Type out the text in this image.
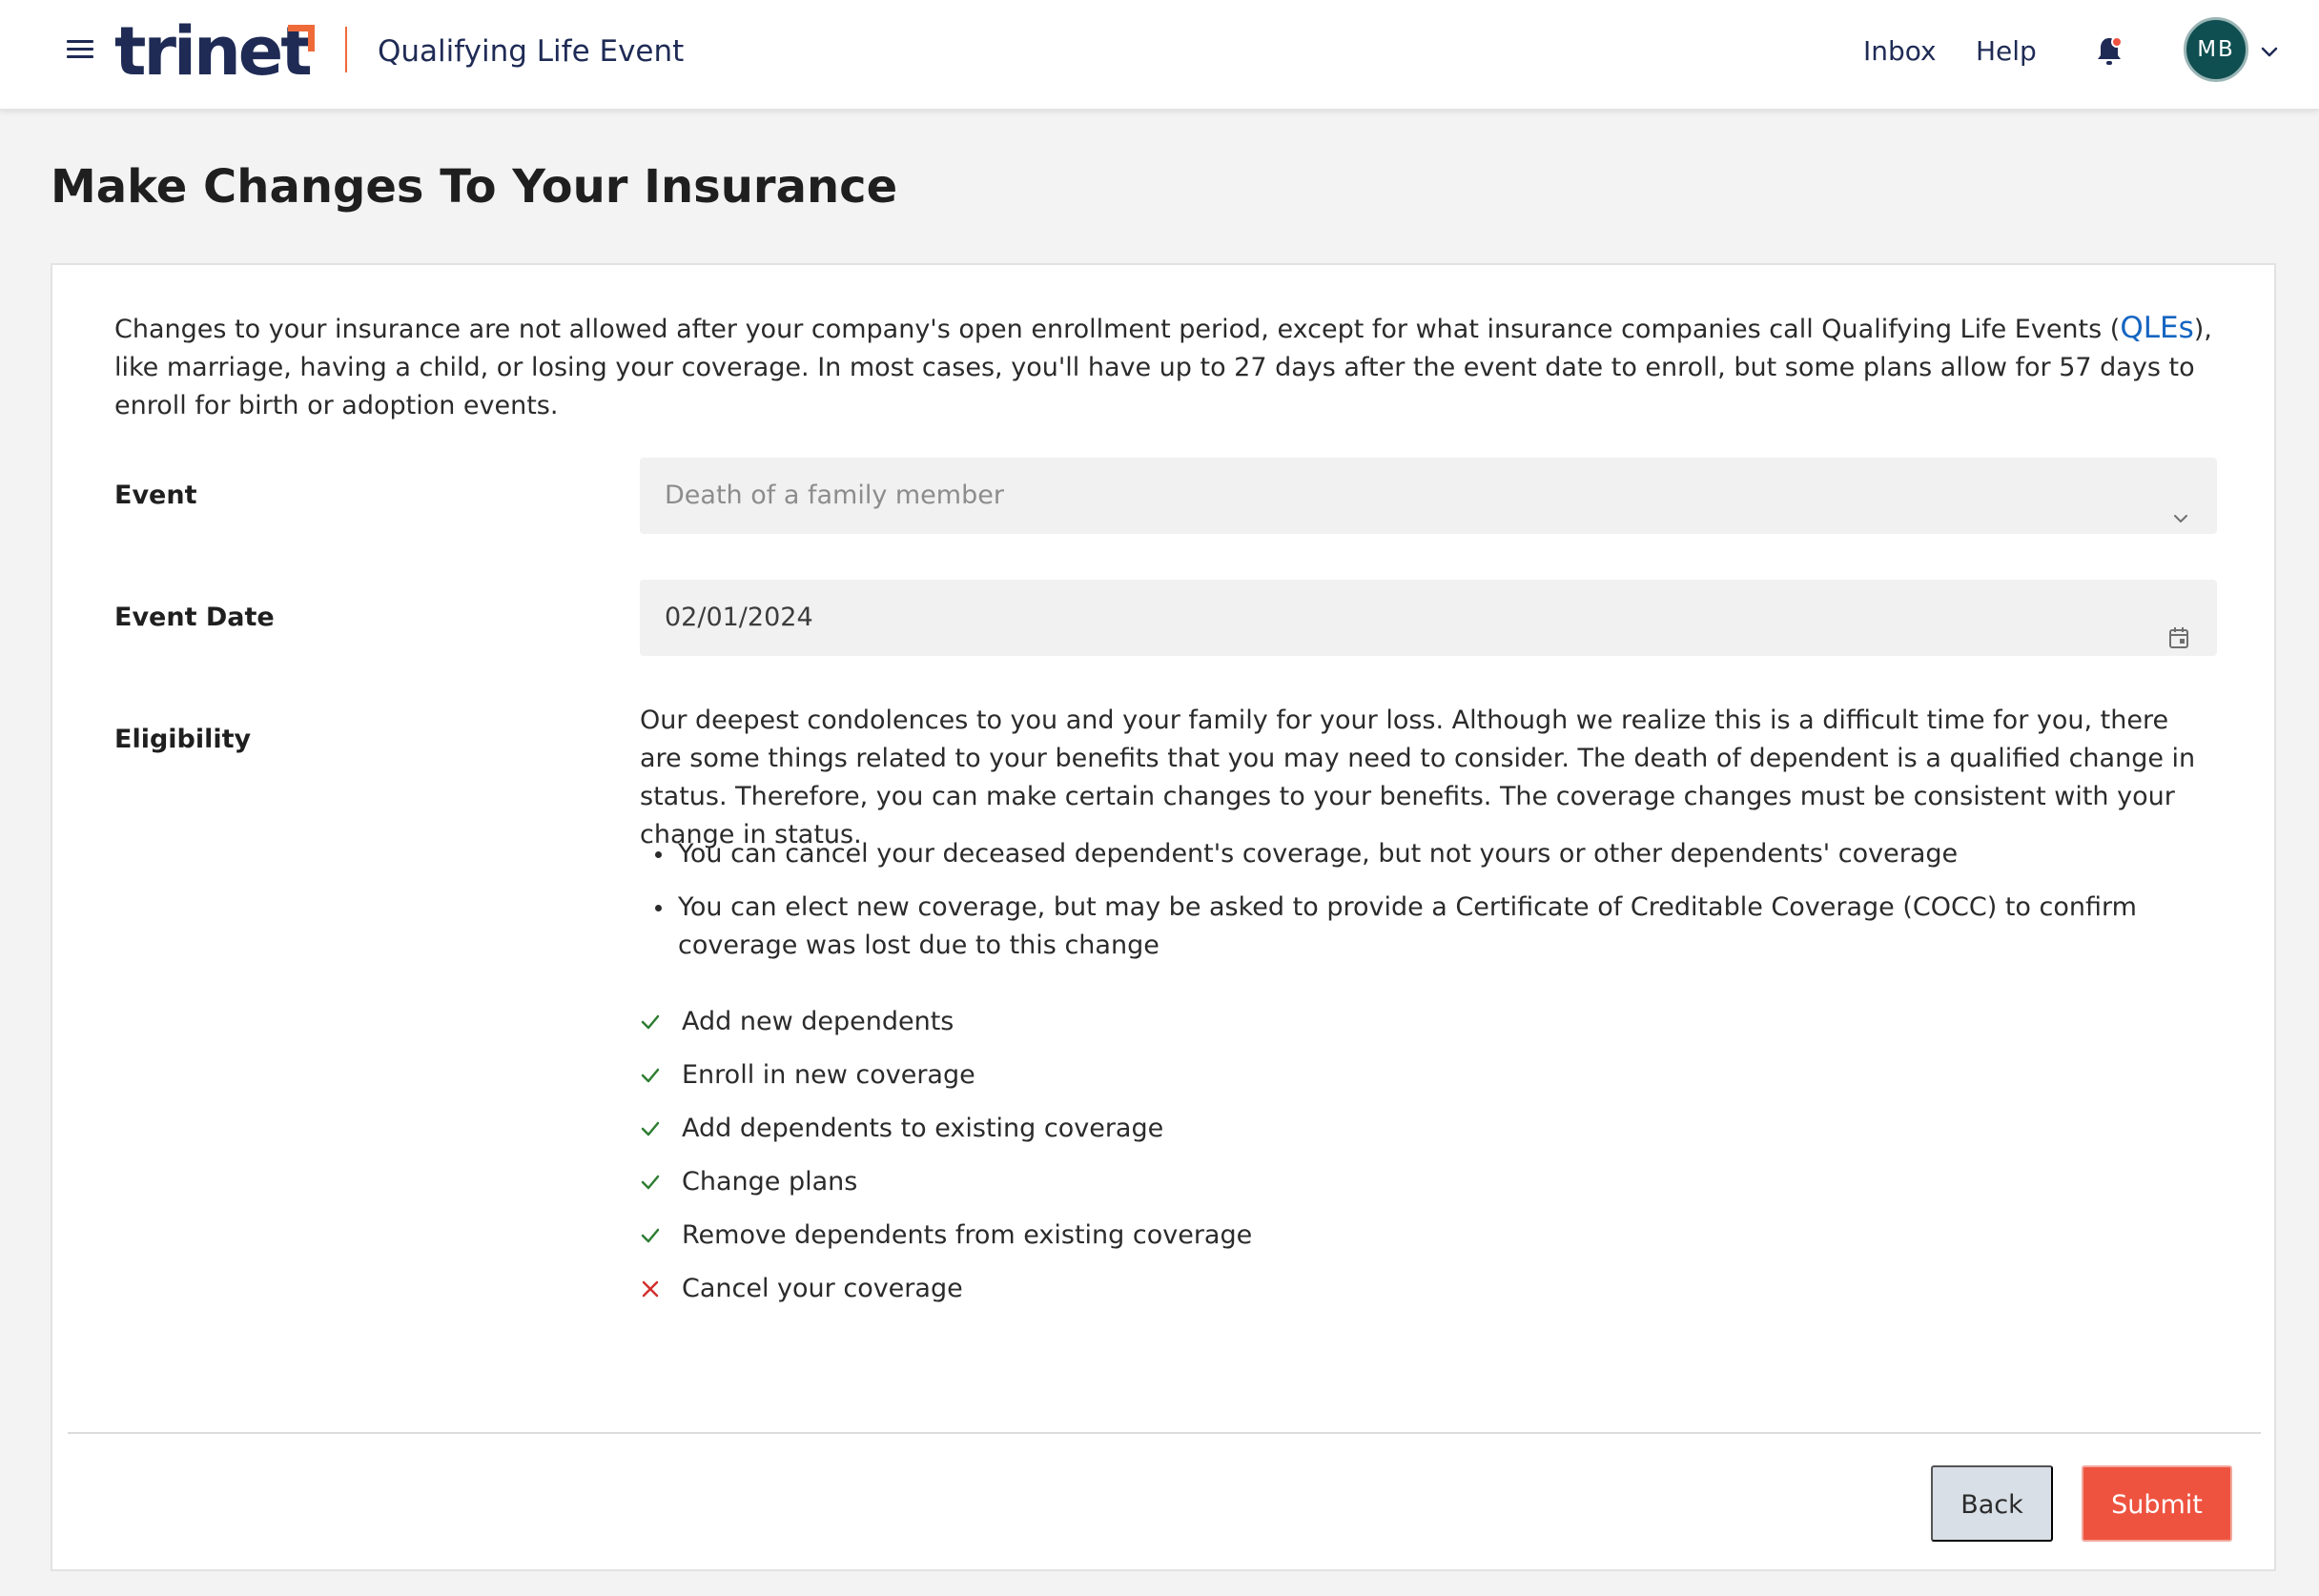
trinet Qualifying Life Event	Inbox Help	MB
Make Changes To Your Insurance

Changes to your insurance are not allowed after your company's open enrollment period, except for what insurance companies call Qualifying Life Events (QLEs), like marriage, having a child, or losing your coverage. In most cases, you'll have up to 27 days after the event date to enroll, but some plans allow for 57 days to enroll for birth or adoption events.

Event	Death of a family member
Event Date	02/01/2024
Eligibility

Our deepest condolences to you and your family for your loss. Although we realize this is a difficult time for you, there are some things related to your benefits that you may need to consider. The death of dependent is a qualified change in status. Therefore, you can make certain changes to your benefits. The coverage changes must be consistent with your change in status.

You can cancel your deceased dependent's coverage, but not yours or other dependents' coverage
You can elect new coverage, but may be asked to provide a Certificate of Creditable Coverage (COCC) to confirm coverage was lost due to this change
Add new dependents
Enroll in new coverage
Add dependents to existing coverage
Change plans
Remove dependents from existing coverage
Cancel your coverage
Back	Submit
